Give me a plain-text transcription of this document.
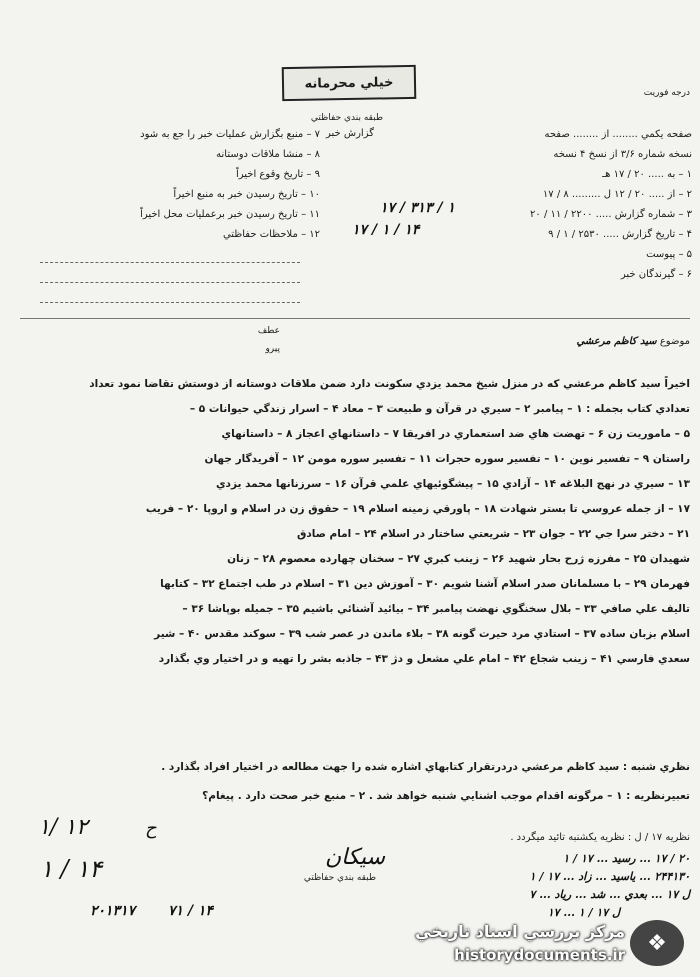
درجه فوريت
خيلي محرمانه
طبقه بندي حفاظتي
گزارش خبر	صفحه يكمي ........ از ........ صفحه
نسخه شماره ۳/۶ از نسخ ۴ نسخه
۱ – به ..... ۲۰ / ۱۷ هـ
۲ – از ..... ۲۰ / ۱۲ ل ......... ۸ / ۱۷
۳ – شماره گزارش ..... ۲۲۰۰ / ۱۱ / ۲۰
۴ – تاريخ گزارش ..... ۲۵۳۰ / ۱ / ۹
۵ – پيوست
۶ – گيرندگان خبر
۱۷ / ۳۱۳ / ۱
۱۷ / ۱ / ۱۴
۷ – منبع بگزارش عمليات خبر را جع به شود
۸ – منشا ملاقات دوستانه
۹ – تاريخ وقوع اخيراً
۱۰ – تاريخ رسيدن خبر به منبع اخيراً
۱۱ – تاريخ رسيدن خبر برعمليات محل اخيراً
۱۲ – ملاحظات حفاظتي
عطف
پيرو
موضوع سيد كاظم مرعشي
اخيراً سيد كاظم مرعشي كه در منزل شيخ محمد يزدي سكونت دارد ضمن ملاقات دوستانه از دوستش تقاضا نمود تعداد
تعدادي كتاب بجمله : ۱ – پيامبر ۲ – سيري در قرآن و طبيعت ۳ – معاد ۴ – اسرار زندگي حيوانات ۵ –
۵ – ماموريت زن ۶ – تهضت هاي ضد استعماري در افريقا ۷ – داستانهاي اعجاز ۸ – داستانهاي
راستان ۹ – تفسير نوين ۱۰ – تفسير سوره حجرات ۱۱ – تفسير سوره مومن ۱۲ – آفريدگار جهان
۱۳ – سيري در نهج البلاغه ۱۴ – آزادي ۱۵ – پيشگوئيهاي علمي قرآن ۱۶ – سرزنانها محمد يزدي
۱۷ – از جمله عروسي تا بستر شهادت ۱۸ – پاورقي زمينه اسلام ۱۹ – حقوق زن در اسلام و اروپا ۲۰ – فريب
۲۱ – دختر سرا جي ۲۲ – جوان ۲۳ – شريعتي ساختار در اسلام ۲۴ – امام صادق
شهيدان ۲۵ – مفرزه ژرح بحار شهيد ۲۶ – زينب كبري ۲۷ – سخنان چهارده معصوم ۲۸ – زنان
فهرمان ۲۹ – با مسلمانان صدر اسلام آشنا شويم ۳۰ – آموزش دين ۳۱ – اسلام در طب اجتماع ۳۲ – كتابها
تاليف علي صافي ۳۳ – بلال سخنگوي نهضت پيامبر ۳۴ – بيائيد آشنائي باشيم ۳۵ – جميله بوپاشا ۳۶ –
اسلام بزبان ساده ۳۷ – استادي مرد حيرت گونه ۳۸ – بلاء ماندن در عصر شب ۳۹ – سوكند مقدس ۴۰ – شير
سعدي فارسي ۴۱ – زينب شجاع ۴۲ – امام علي مشعل و دژ ۴۳ – جاذبه بشر را تهيه و در اختيار وي بگذارد
نظري شنبه : سيد كاظم مرعشي دردرتقرار كتابهاي اشاره شده را جهت مطالعه در اختيار افراد بگذارد .
تعبيرنظريه : ۱ – مرگونه اقدام موجب اشنايي شنبه خواهد شد . ۲ – منبع خبر صحت دارد . پيغام؟
۱/ ۱۲
۱ / ۱۴
۲۰۱۳۱۷ ۷۱ / ۱۴
ح
سيكان
طبقه بندي حفاظتي
نظريه ۱۷ / ل : نظريه يكشنبه تائيد ميگردد .
۲۰ / ۱۷ ... رسيد ... ۱۷ / ۱
۲۴۴۱۳۰ ... ياسيد ... زاد ... ۱۷ / ۱
ل ۱۷ ... بعدي ... شد ... رياد ... ۷
ل ۱۷ / ۱ ... ۱۷
❖
مركز بررسي اسناد تاريخي
historydocuments.ir
